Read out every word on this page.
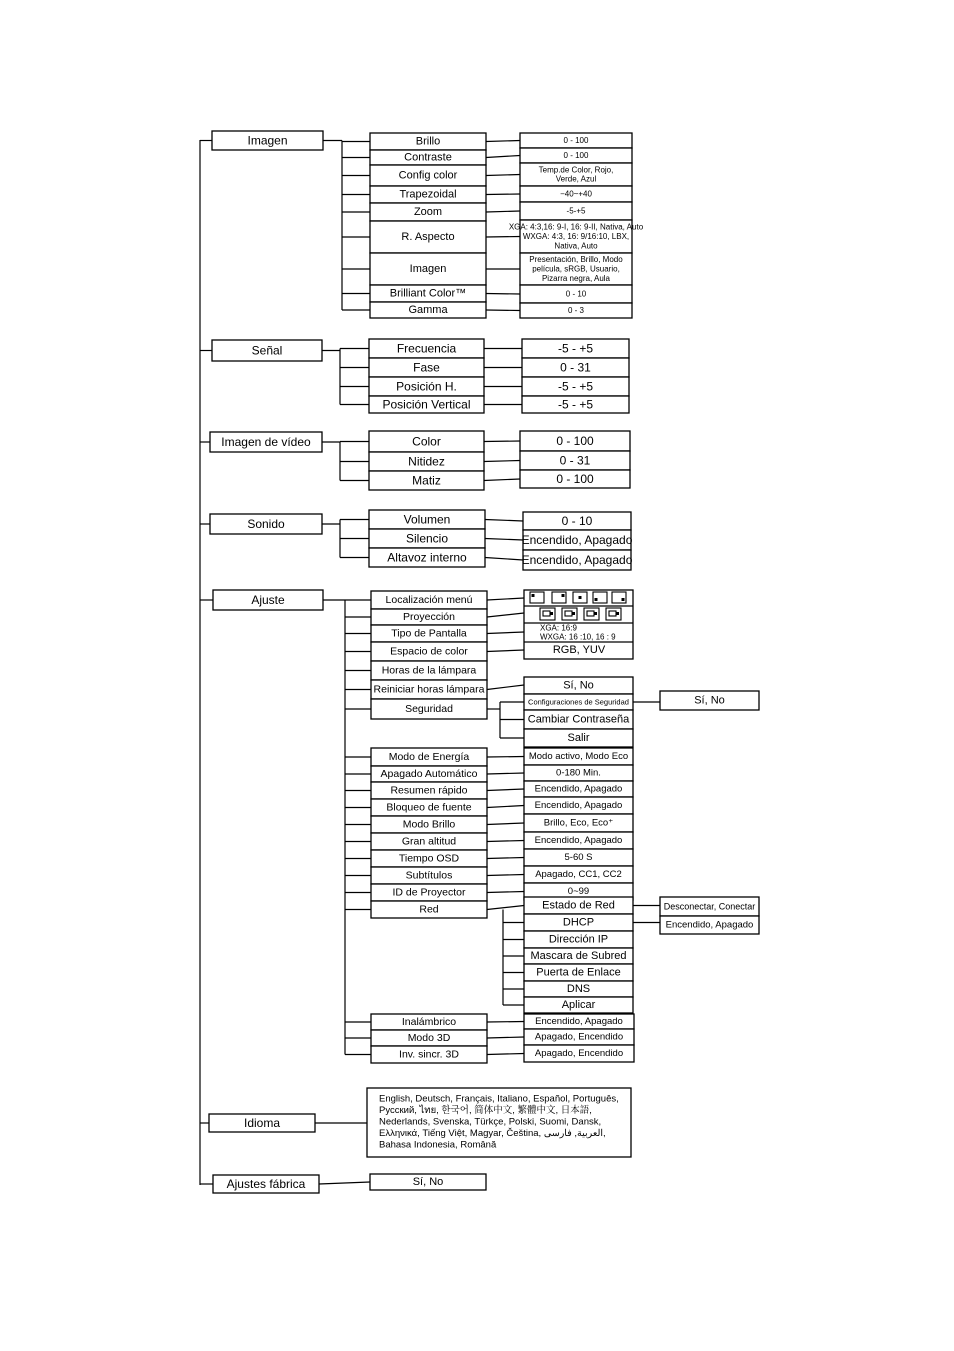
Imagen
Señal
Imagen de vídeo
Sonido
Ajuste
Idioma
Ajustes fábrica
Brillo
Contraste
Config color
Trapezoidal
Zoom
R. Aspecto
Imagen
Brilliant Color™
Gamma
0 - 100
0 - 100
Temp.de Color, Rojo,
Verde, Azul
−40~+40
-5-+5
XGA: 4:3,16: 9-I, 16: 9-II, Nativa, Auto
WXGA: 4:3, 16: 9/16:10, LBX,
Nativa, Auto
Presentación, Brillo, Modo
película, sRGB, Usuario,
Pizarra negra, Aula
0 - 10
0 - 3
Frecuencia
Fase
Posición H.
Posición Vertical
-5 - +5
0 - 31
-5 - +5
-5 - +5
Color
Nitidez
Matiz
0 - 100
0 - 31
0 - 100
Volumen
Silencio
Altavoz interno
0 - 10
Encendido, Apagado
Encendido, Apagado
Localización menú
Proyección
Tipo de Pantalla
Espacio de color
Horas de la lámpara
Reiniciar horas lámpara
Seguridad
Modo de Energía
Apagado Automático
Resumen rápido
Bloqueo de fuente
Modo Brillo
Gran altitud
Tiempo OSD
Subtítulos
ID de Proyector
Red
Inalámbrico
Modo 3D
Inv. sincr. 3D
Modo activo, Modo Eco
0-180 Min.
Encendido, Apagado
Encendido, Apagado
Brillo, Eco, Eco⁺
Encendido, Apagado
5-60 S
Apagado, CC1, CC2
0~99
Encendido, Apagado
Apagado, Encendido
Apagado, Encendido
XGA: 16:9
WXGA: 16 :10, 16 : 9
RGB, YUV
Sí, No
Configuraciones de Seguridad
Cambiar Contraseña
Salir
Sí, No
Estado de Red
DHCP
Dirección IP
Mascara de Subred
Puerta de Enlace
DNS
Aplicar
Desconectar, Conectar
Encendido, Apagado
English, Deutsch, Français, Italiano, Español, Português,
Русский, ไทย, 한국어, 简体中文, 繁體中文, 日本語,
Nederlands, Svenska, Türkçe, Polski, Suomi, Dansk,
Ελληνικά, Tiếng Việt, Magyar, Čeština, العربية, فارسی,
Bahasa Indonesia, Română
Sí, No
